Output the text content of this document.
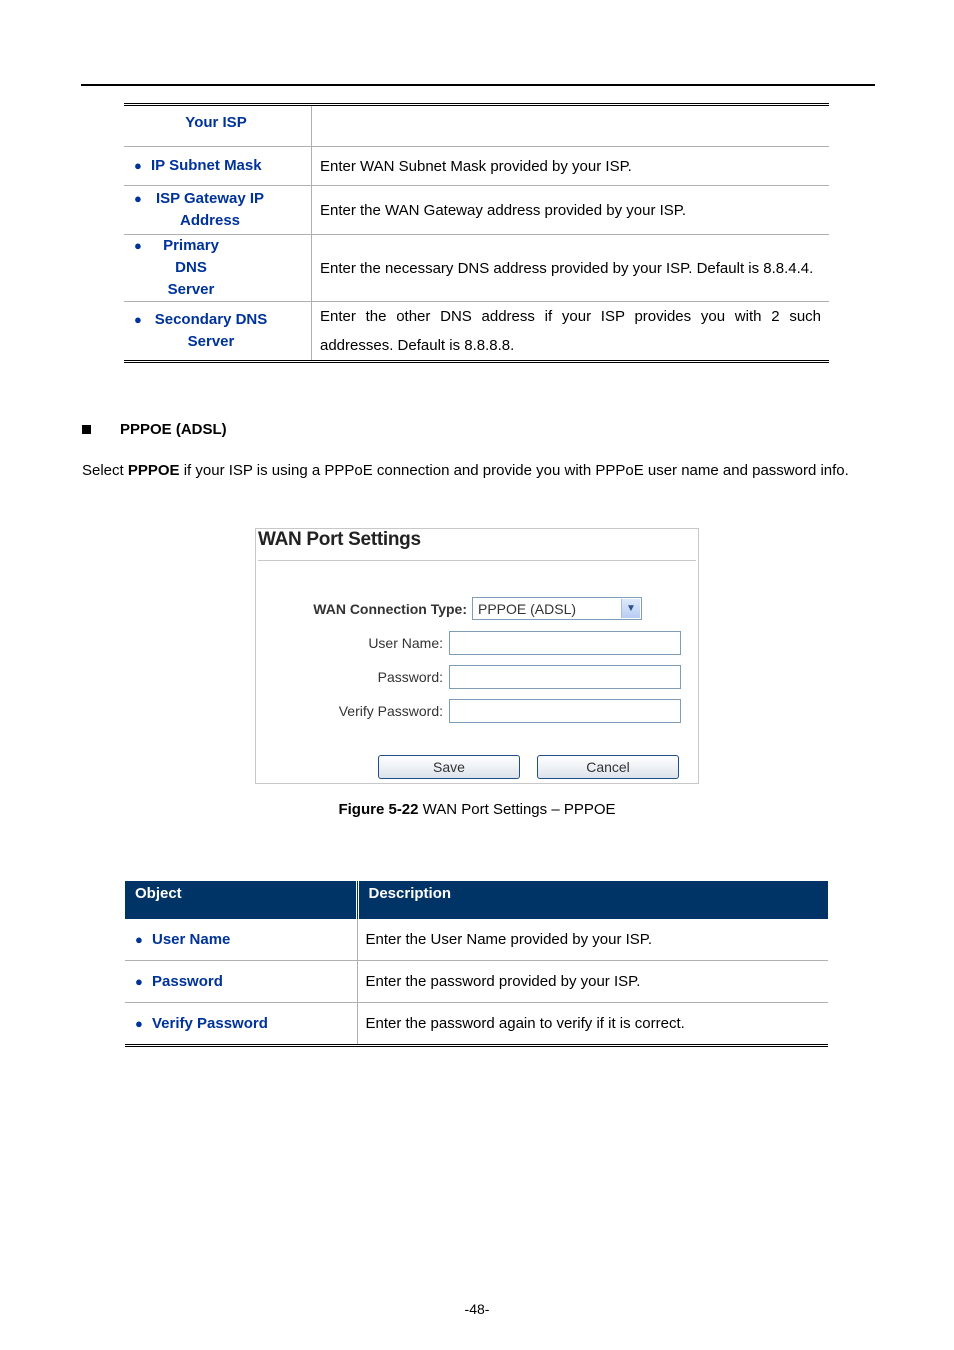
Your ISP	

● IP Subnet Mask	Enter WAN Subnet Mask provided by your ISP.

● ISP Gateway IP Address	Enter the WAN Gateway address provided by your ISP.

● Primary DNS Server	Enter the necessary DNS address provided by your ISP. Default is 8.8.4.4.

● Secondary DNS Server	Enter the other DNS address if your ISP provides you with 2 such addresses. Default is 8.8.8.8.
PPPOE (ADSL)
Select PPPOE if your ISP is using a PPPoE connection and provide you with PPPoE user name and password info.
WAN Port Settings
WAN Connection Type: PPPOE (ADSL)	▼
User Name:
Password:
Verify Password:
Save	Cancel
Figure 5-22 WAN Port Settings – PPPOE
Object	Description
● User Name	Enter the User Name provided by your ISP.
● Password	Enter the password provided by your ISP.
● Verify Password	Enter the password again to verify if it is correct.
-48-
